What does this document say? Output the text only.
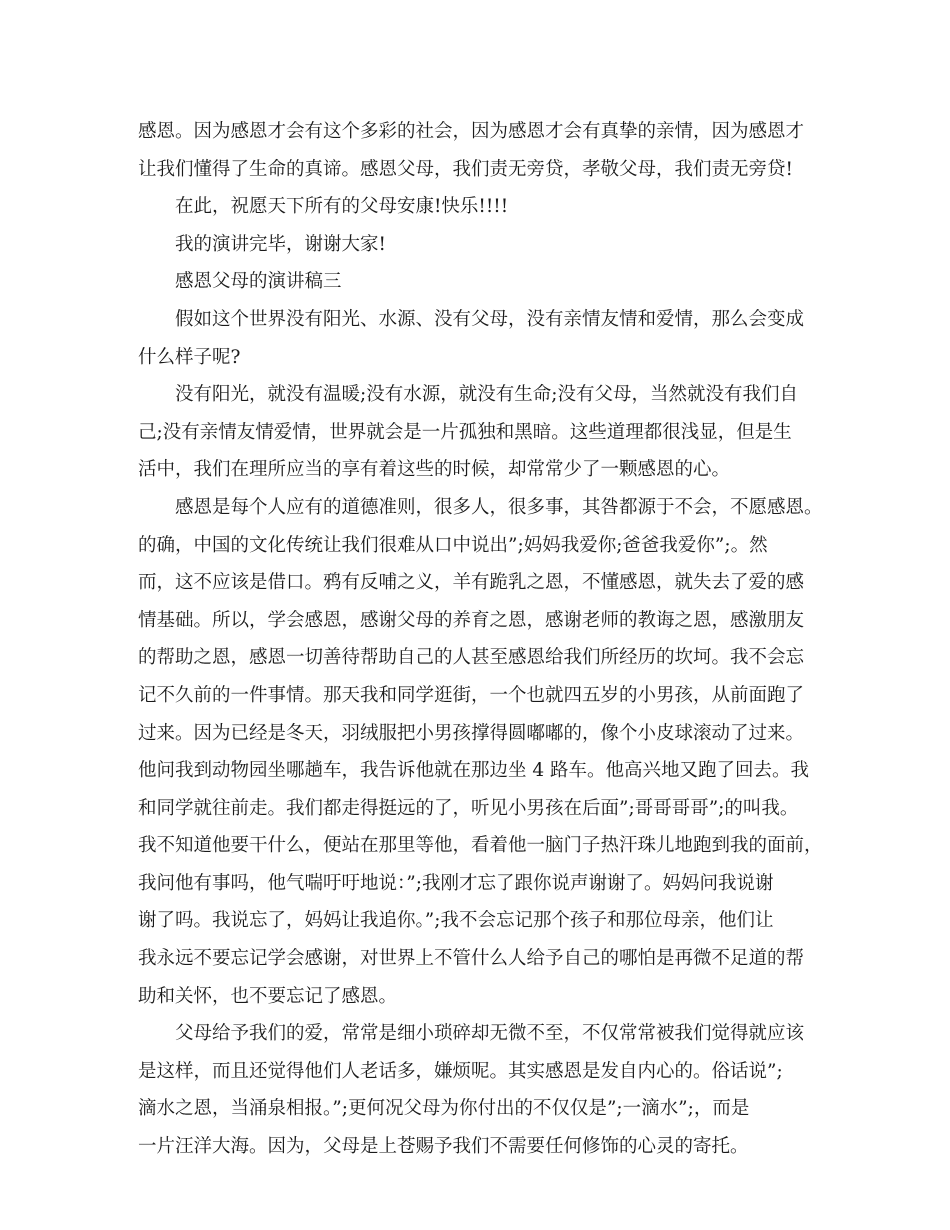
感恩。因为感恩才会有这个多彩的社会，因为感恩才会有真挚的亲情，因为感恩才
让我们懂得了生命的真谛。感恩父母，我们责无旁贷，孝敬父母，我们责无旁贷!
在此，祝愿天下所有的父母安康!快乐!!!!
我的演讲完毕，谢谢大家!
感恩父母的演讲稿三
假如这个世界没有阳光、水源、没有父母，没有亲情友情和爱情，那么会变成
什么样子呢?
没有阳光，就没有温暖;没有水源，就没有生命;没有父母，当然就没有我们自
己;没有亲情友情爱情，世界就会是一片孤独和黑暗。这些道理都很浅显，但是生
活中，我们在理所应当的享有着这些的时候，却常常少了一颗感恩的心。
感恩是每个人应有的道德准则，很多人，很多事，其咎都源于不会，不愿感恩。
的确，中国的文化传统让我们很难从口中说出”;妈妈我爱你;爸爸我爱你”;。然
而，这不应该是借口。鸦有反哺之义，羊有跪乳之恩，不懂感恩，就失去了爱的感
情基础。所以，学会感恩，感谢父母的养育之恩，感谢老师的教诲之恩，感激朋友
的帮助之恩，感恩一切善待帮助自己的人甚至感恩给我们所经历的坎坷。我不会忘
记不久前的一件事情。那天我和同学逛街，一个也就四五岁的小男孩，从前面跑了
过来。因为已经是冬天，羽绒服把小男孩撑得圆嘟嘟的，像个小皮球滚动了过来。
他问我到动物园坐哪趟车，我告诉他就在那边坐 4 路车。他高兴地又跑了回去。我
和同学就往前走。我们都走得挺远的了，听见小男孩在后面”;哥哥哥哥”;的叫我。
我不知道他要干什么，便站在那里等他，看着他一脑门子热汗珠儿地跑到我的面前，
我问他有事吗，他气喘吁吁地说：”;我刚才忘了跟你说声谢谢了。妈妈问我说谢
谢了吗。我说忘了，妈妈让我追你。”;我不会忘记那个孩子和那位母亲，他们让
我永远不要忘记学会感谢，对世界上不管什么人给予自己的哪怕是再微不足道的帮
助和关怀，也不要忘记了感恩。
父母给予我们的爱，常常是细小琐碎却无微不至，不仅常常被我们觉得就应该
是这样，而且还觉得他们人老话多，嫌烦呢。其实感恩是发自内心的。俗话说”;
滴水之恩，当涌泉相报。”;更何况父母为你付出的不仅仅是”;一滴水”;，而是
一片汪洋大海。因为，父母是上苍赐予我们不需要任何修饰的心灵的寄托。
